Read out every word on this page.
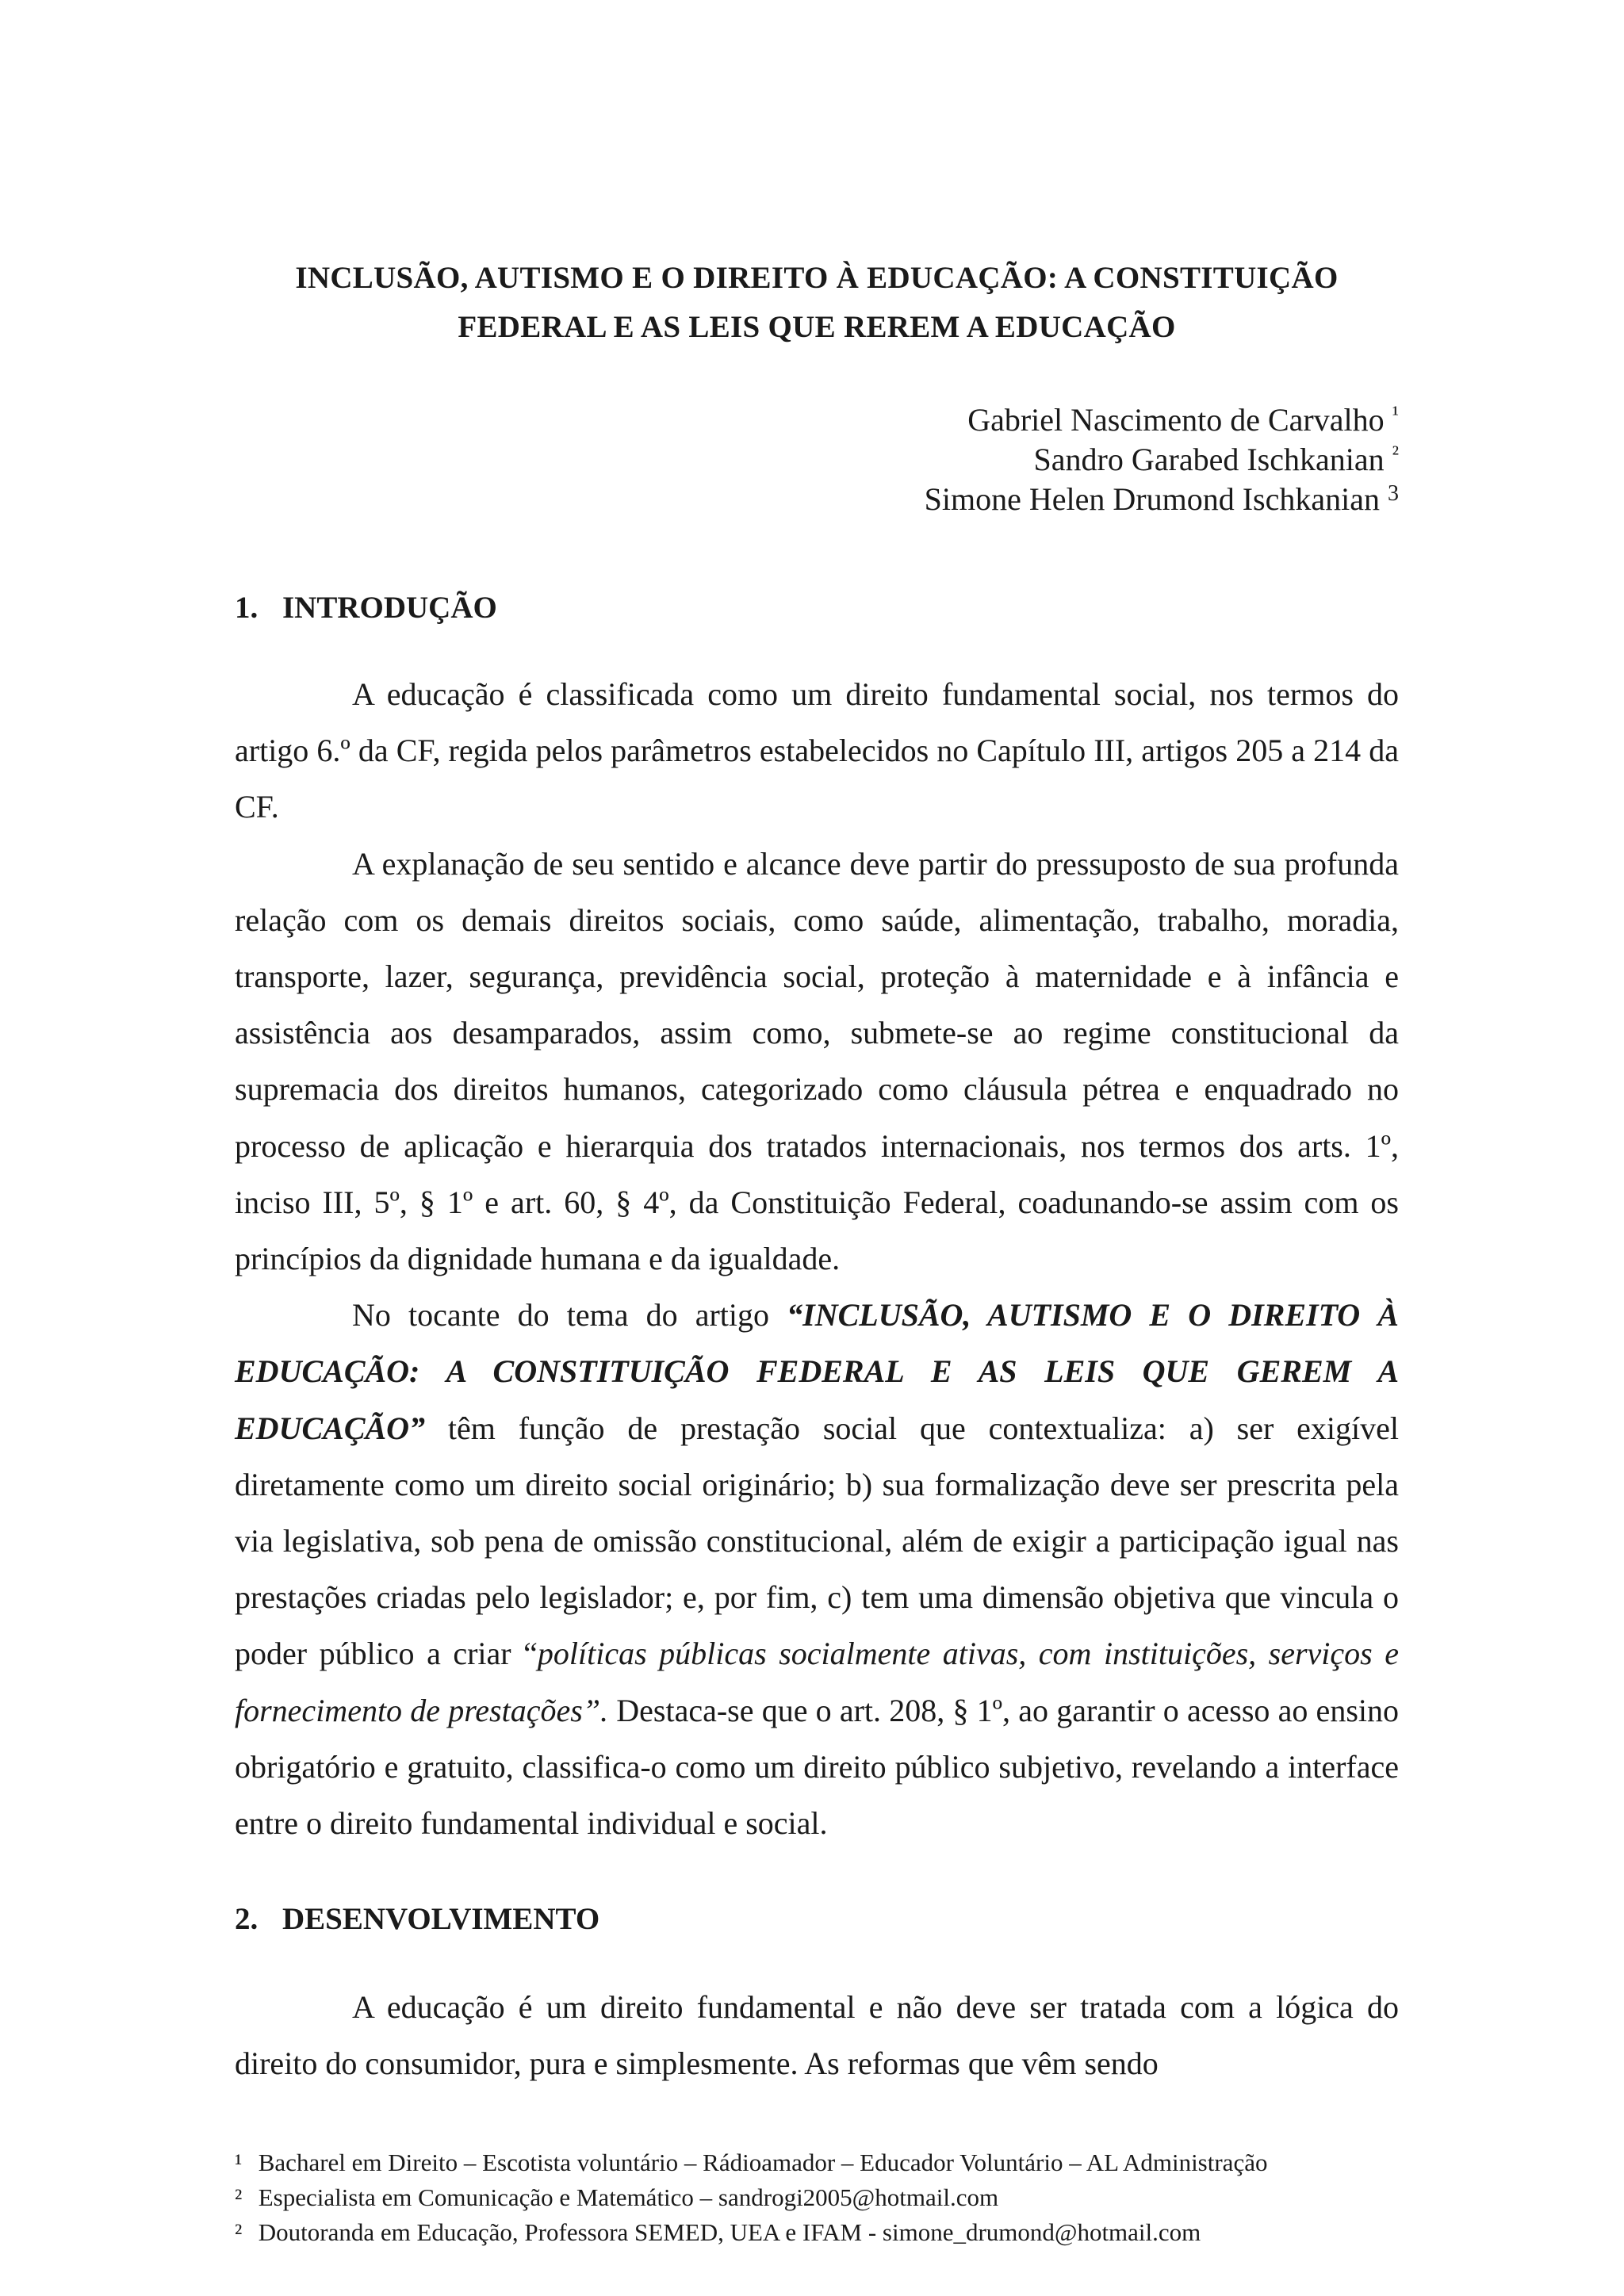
INCLUSÃO, AUTISMO E O DIREITO À EDUCAÇÃO: A CONSTITUIÇÃO
FEDERAL E AS LEIS QUE REREM A EDUCAÇÃO
Gabriel Nascimento de Carvalho $^{^1}$
Sandro Garabed Ischkanian $^{^2}$
Simone Helen Drumond Ischkanian $^3$
1. INTRODUÇÃO

A educação é classificada como um direito fundamental social, nos termos do artigo 6.º da CF, regida pelos parâmetros estabelecidos no Capítulo III, artigos 205 a 214 da CF.

A explanação de seu sentido e alcance deve partir do pressuposto de sua profunda relação com os demais direitos sociais, como saúde, alimentação, trabalho, moradia, transporte, lazer, segurança, previdência social, proteção à maternidade e à infância e assistência aos desamparados, assim como, submete-se ao regime constitucional da supremacia dos direitos humanos, categorizado como cláusula pétrea e enquadrado no processo de aplicação e hierarquia dos tratados internacionais, nos termos dos arts. 1º, inciso III, 5º, § 1º e art. 60, § 4º, da Constituição Federal, coadunando-se assim com os princípios da dignidade humana e da igualdade.

No tocante do tema do artigo “INCLUSÃO, AUTISMO E O DIREITO À EDUCAÇÃO: A CONSTITUIÇÃO FEDERAL E AS LEIS QUE GEREM A EDUCAÇÃO” têm função de prestação social que contextualiza: a) ser exigível diretamente como um direito social originário; b) sua formalização deve ser prescrita pela via legislativa, sob pena de omissão constitucional, além de exigir a participação igual nas prestações criadas pelo legislador; e, por fim, c) tem uma dimensão objetiva que vincula o poder público a criar “políticas públicas socialmente ativas, com instituições, serviços e fornecimento de prestações”. Destaca-se que o art. 208, § 1º, ao garantir o acesso ao ensino obrigatório e gratuito, classifica-o como um direito público subjetivo, revelando a interface entre o direito fundamental individual e social.

2. DESENVOLVIMENTO

A educação é um direito fundamental e não deve ser tratada com a lógica do direito do consumidor, pura e simplesmente. As reformas que vêm sendo

¹ Bacharel em Direito – Escotista voluntário – Rádioamador – Educador Voluntário – AL Administração
² Especialista em Comunicação e Matemático – sandrogi2005@hotmail.com
² Doutoranda em Educação, Professora SEMED, UEA e IFAM - simone_drumond@hotmail.com
